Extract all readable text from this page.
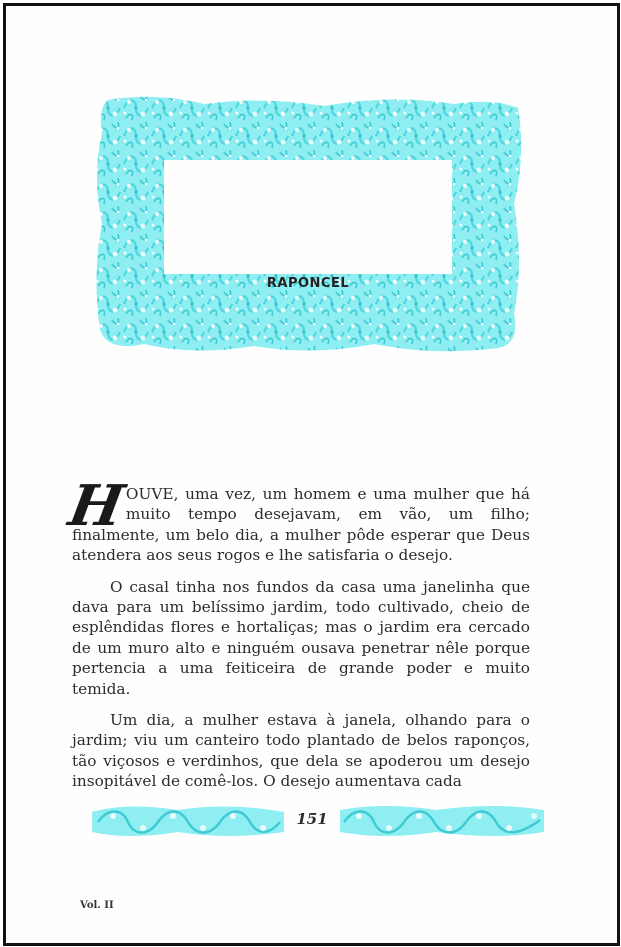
RAPONCEL

H
OUVE, uma vez, um homem e uma mulher que há muito tempo desejavam, em vão, um filho; finalmente, um belo dia, a mulher pôde esperar que Deus atendera aos seus rogos e lhe satisfaria o desejo.

O casal tinha nos fundos da casa uma janelinha que dava para um belíssimo jardim, todo cultivado, cheio de esplêndidas flores e hortaliças; mas o jardim era cercado de um muro alto e ninguém ousava penetrar nêle porque pertencia a uma feiticeira de grande poder e muito temida.

Um dia, a mulher estava à janela, olhando para o jardim; viu um canteiro todo plantado de belos raponços, tão viçosos e verdinhos, que dela se apoderou um desejo insopitável de comê-los. O desejo aumentava cada

151
Vol. II
